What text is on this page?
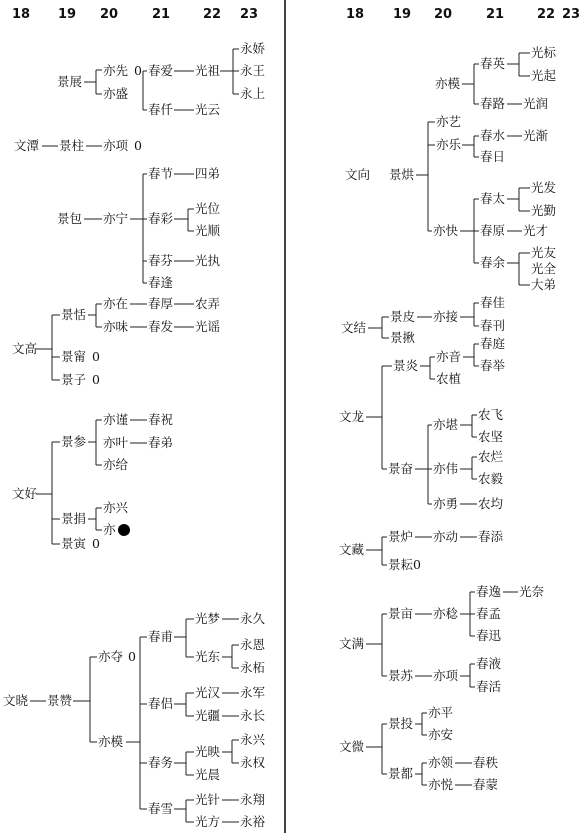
18 19 20	21	22 23	18 19 20	21	22 23
景展
亦先 0
亦盛
春爱 光祖
永娇
永王
永上
春仟 光云
文潭 景柱 亦项 0
春节 四弟
景包 亦宁 春彩
光位
光顺
春芬 光执
春逢
景恬
亦在 春厚 农弄
亦味 春发 光谣
文高
景甯 0
景子 0
景参
亦谨 春祝
亦叶 春弟
亦给
文好
亦兴
景捐
亦
景寅 0
光梦 永久
春甫
亦夺 0
永恩
光东
永柘
文晓 景赞
光汉 永军
春侣
光疆 永长
亦模	永兴
光映
春务	永权
光晨
春雪
光针 永翔
光方 永裕
光标
春英
光起
亦模
春路 光润
亦艺
亦乐
春水 光渐
春日
文向 景烘
光发
春太
光勤
亦快 春原 光才
光友
春余 光全
大弟
春佳
景皮 亦接
文结	春刊
景揪	春庭
亦音
景炎	春举
农植
文龙	农飞
亦堪
农坚
农烂
景奋 亦伟
农毅
亦勇 农均
景炉 亦动 春添
文藏
景耘0
春逸 光奈
景亩 亦稔 春孟
春迅
文满
春液
景苏 亦项
春活
亦平
景投
亦安
文微
亦领 春秩
景都
亦悦 春蒙
